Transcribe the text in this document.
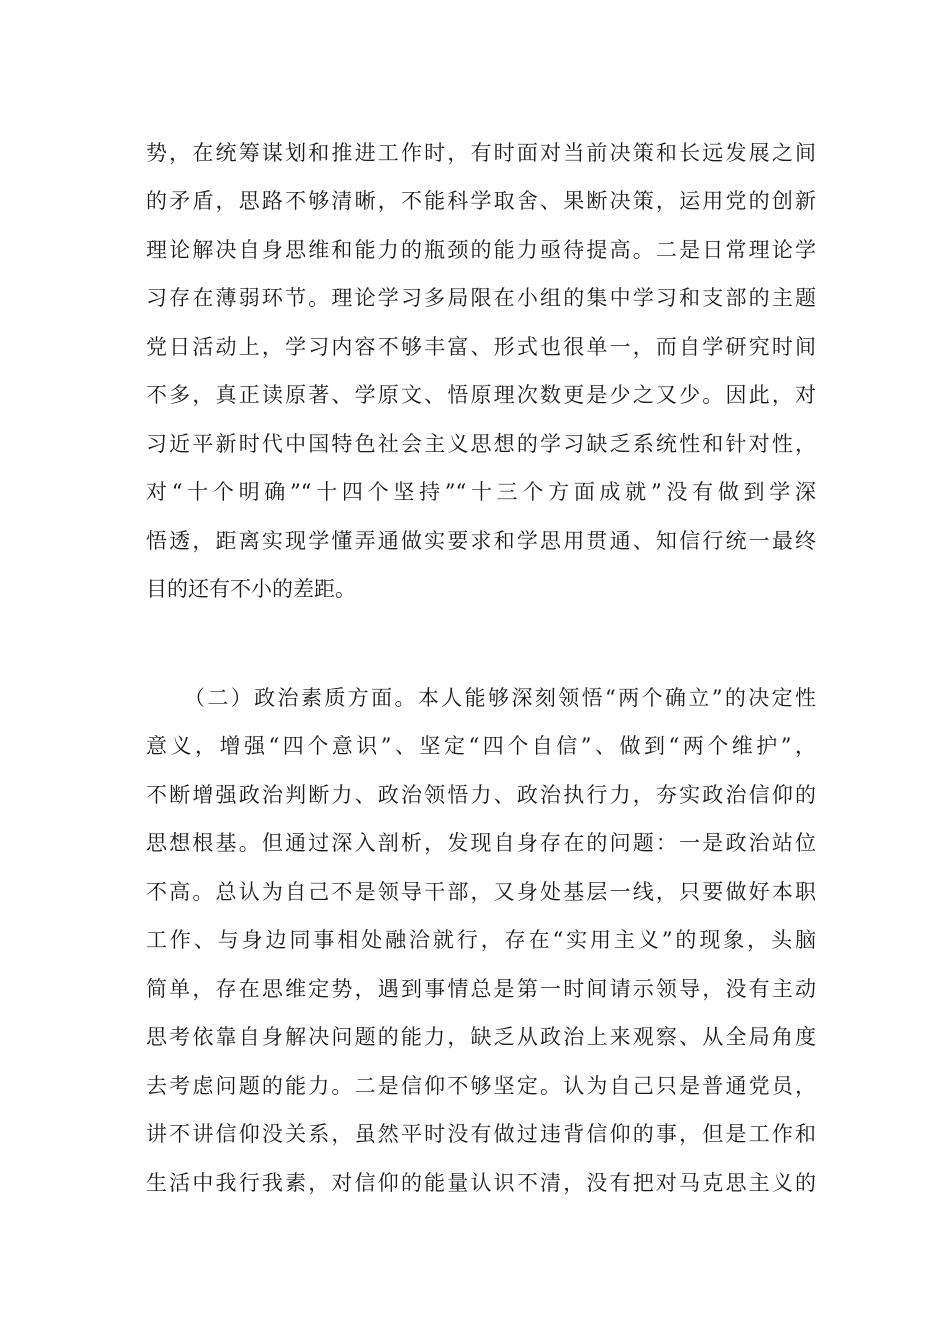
势，在统筹谋划和推进工作时，有时面对当前决策和长远发展之间
的矛盾，思路不够清晰，不能科学取舍、果断决策，运用党的创新
理论解决自身思维和能力的瓶颈的能力亟待提高。二是日常理论学
习存在薄弱环节。理论学习多局限在小组的集中学习和支部的主题
党日活动上，学习内容不够丰富、形式也很单一，而自学研究时间
不多，真正读原著、学原文、悟原理次数更是少之又少。因此，对
习近平新时代中国特色社会主义思想的学习缺乏系统性和针对性，
对“十个明确”“十四个坚持”“十三个方面成就”没有做到学深
悟透，距离实现学懂弄通做实要求和学思用贯通、知信行统一最终
目的还有不小的差距。
（二）政治素质方面。本人能够深刻领悟“两个确立”的决定性
意义，增强“四个意识”、坚定“四个自信”、做到“两个维护”，
不断增强政治判断力、政治领悟力、政治执行力，夯实政治信仰的
思想根基。但通过深入剖析，发现自身存在的问题：一是政治站位
不高。总认为自己不是领导干部，又身处基层一线，只要做好本职
工作、与身边同事相处融洽就行，存在“实用主义”的现象，头脑
简单，存在思维定势，遇到事情总是第一时间请示领导，没有主动
思考依靠自身解决问题的能力，缺乏从政治上来观察、从全局角度
去考虑问题的能力。二是信仰不够坚定。认为自己只是普通党员，
讲不讲信仰没关系，虽然平时没有做过违背信仰的事，但是工作和
生活中我行我素，对信仰的能量认识不清，没有把对马克思主义的
